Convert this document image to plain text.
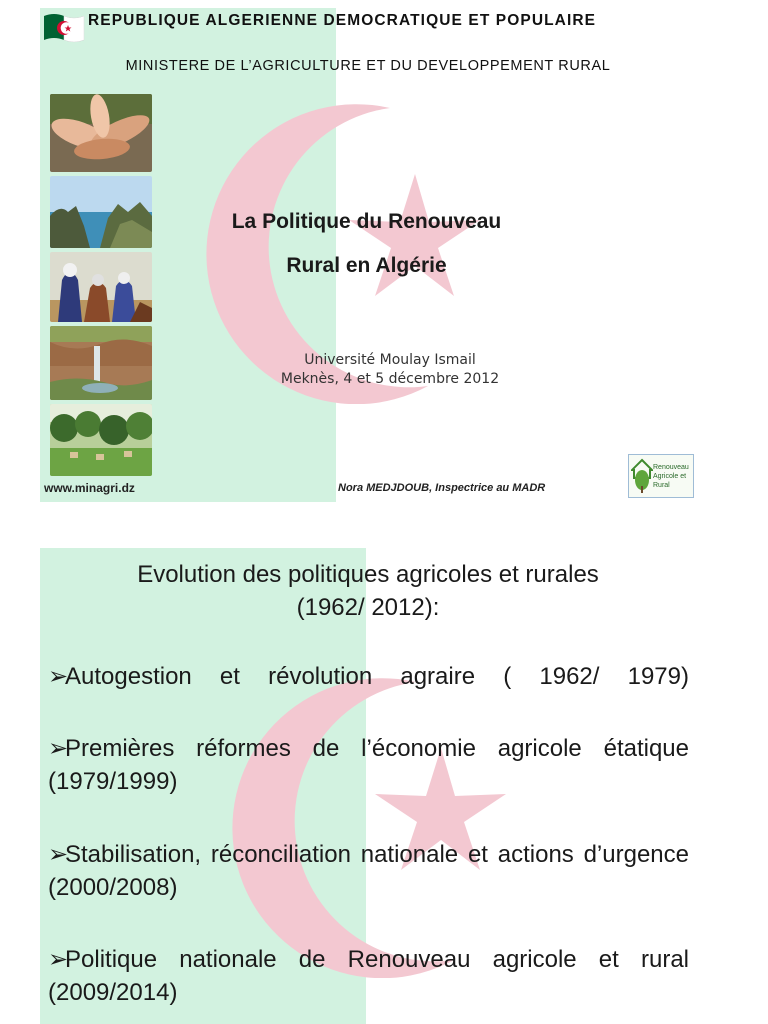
REPUBLIQUE ALGERIENNE DEMOCRATIQUE ET POPULAIRE
MINISTERE DE L’AGRICULTURE ET DU DEVELOPPEMENT RURAL
La Politique du Renouveau
Rural en Algérie
Université Moulay Ismail
Meknès, 4 et 5 décembre 2012
www.minagri.dz	Nora MEDJDOUB, Inspectrice au MADR
Renouveau
Agricole et Rural
Evolution des politiques agricoles et rurales
(1962/ 2012):
➢Autogestion et révolution agraire ( 1962/ 1979)
➢Premières réformes de l’économie agricole étatique (1979/1999)
➢Stabilisation, réconciliation nationale et actions d’urgence (2000/2008)
➢Politique nationale de Renouveau agricole et rural (2009/2014)
